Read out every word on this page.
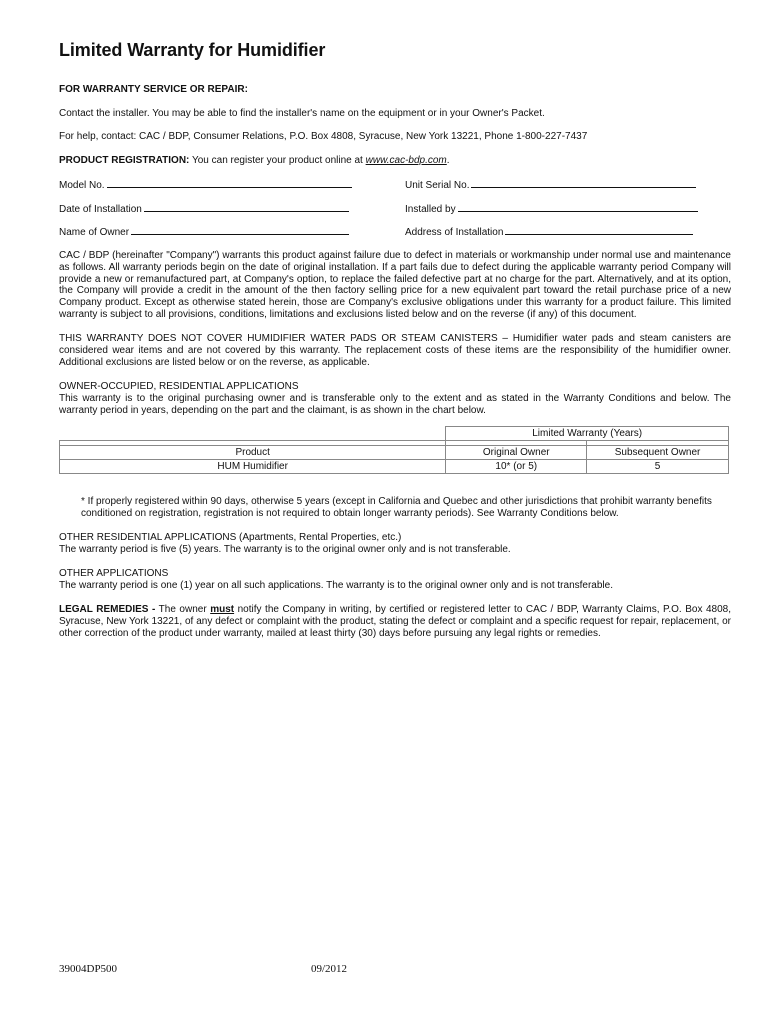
Limited Warranty for Humidifier

FOR WARRANTY SERVICE OR REPAIR:

Contact the installer. You may be able to find the installer's name on the equipment or in your Owner's Packet.

For help, contact: CAC / BDP, Consumer Relations, P.O. Box 4808, Syracuse, New York 13221, Phone 1-800-227-7437

PRODUCT REGISTRATION: You can register your product online at www.cac-bdp.com.

Model No.	Unit Serial No.
Date of Installation	Installed by
Name of Owner	Address of Installation

CAC / BDP (hereinafter "Company") warrants this product against failure due to defect in materials or workmanship under normal use and maintenance as follows. All warranty periods begin on the date of original installation. If a part fails due to defect during the applicable warranty period Company will provide a new or remanufactured part, at Company's option, to replace the failed defective part at no charge for the part. Alternatively, and at its option, the Company will provide a credit in the amount of the then factory selling price for a new equivalent part toward the retail purchase price of a new Company product. Except as otherwise stated herein, those are Company's exclusive obligations under this warranty for a product failure. This limited warranty is subject to all provisions, conditions, limitations and exclusions listed below and on the reverse (if any) of this document.

THIS WARRANTY DOES NOT COVER HUMIDIFIER WATER PADS OR STEAM CANISTERS – Humidifier water pads and steam canisters are considered wear items and are not covered by this warranty. The replacement costs of these items are the responsibility of the humidifier owner. Additional exclusions are listed below or on the reverse, as applicable.

OWNER-OCCUPIED, RESIDENTIAL APPLICATIONS

This warranty is to the original purchasing owner and is transferable only to the extent and as stated in the Warranty Conditions and below. The warranty period in years, depending on the part and the claimant, is as shown in the chart below.

	Limited Warranty (Years)	

Product	Original Owner	Subsequent Owner
HUM Humidifier	10* (or 5)	5

* If properly registered within 90 days, otherwise 5 years (except in California and Quebec and other jurisdictions that prohibit warranty benefits conditioned on registration, registration is not required to obtain longer warranty periods). See Warranty Conditions below.

OTHER RESIDENTIAL APPLICATIONS (Apartments, Rental Properties, etc.)

The warranty period is five (5) years. The warranty is to the original owner only and is not transferable.

OTHER APPLICATIONS

The warranty period is one (1) year on all such applications. The warranty is to the original owner only and is not transferable.

LEGAL REMEDIES - The owner must notify the Company in writing, by certified or registered letter to CAC / BDP, Warranty Claims, P.O. Box 4808, Syracuse, New York 13221, of any defect or complaint with the product, stating the defect or complaint and a specific request for repair, replacement, or other correction of the product under warranty, mailed at least thirty (30) days before pursuing any legal rights or remedies.

39004DP500	09/2012
